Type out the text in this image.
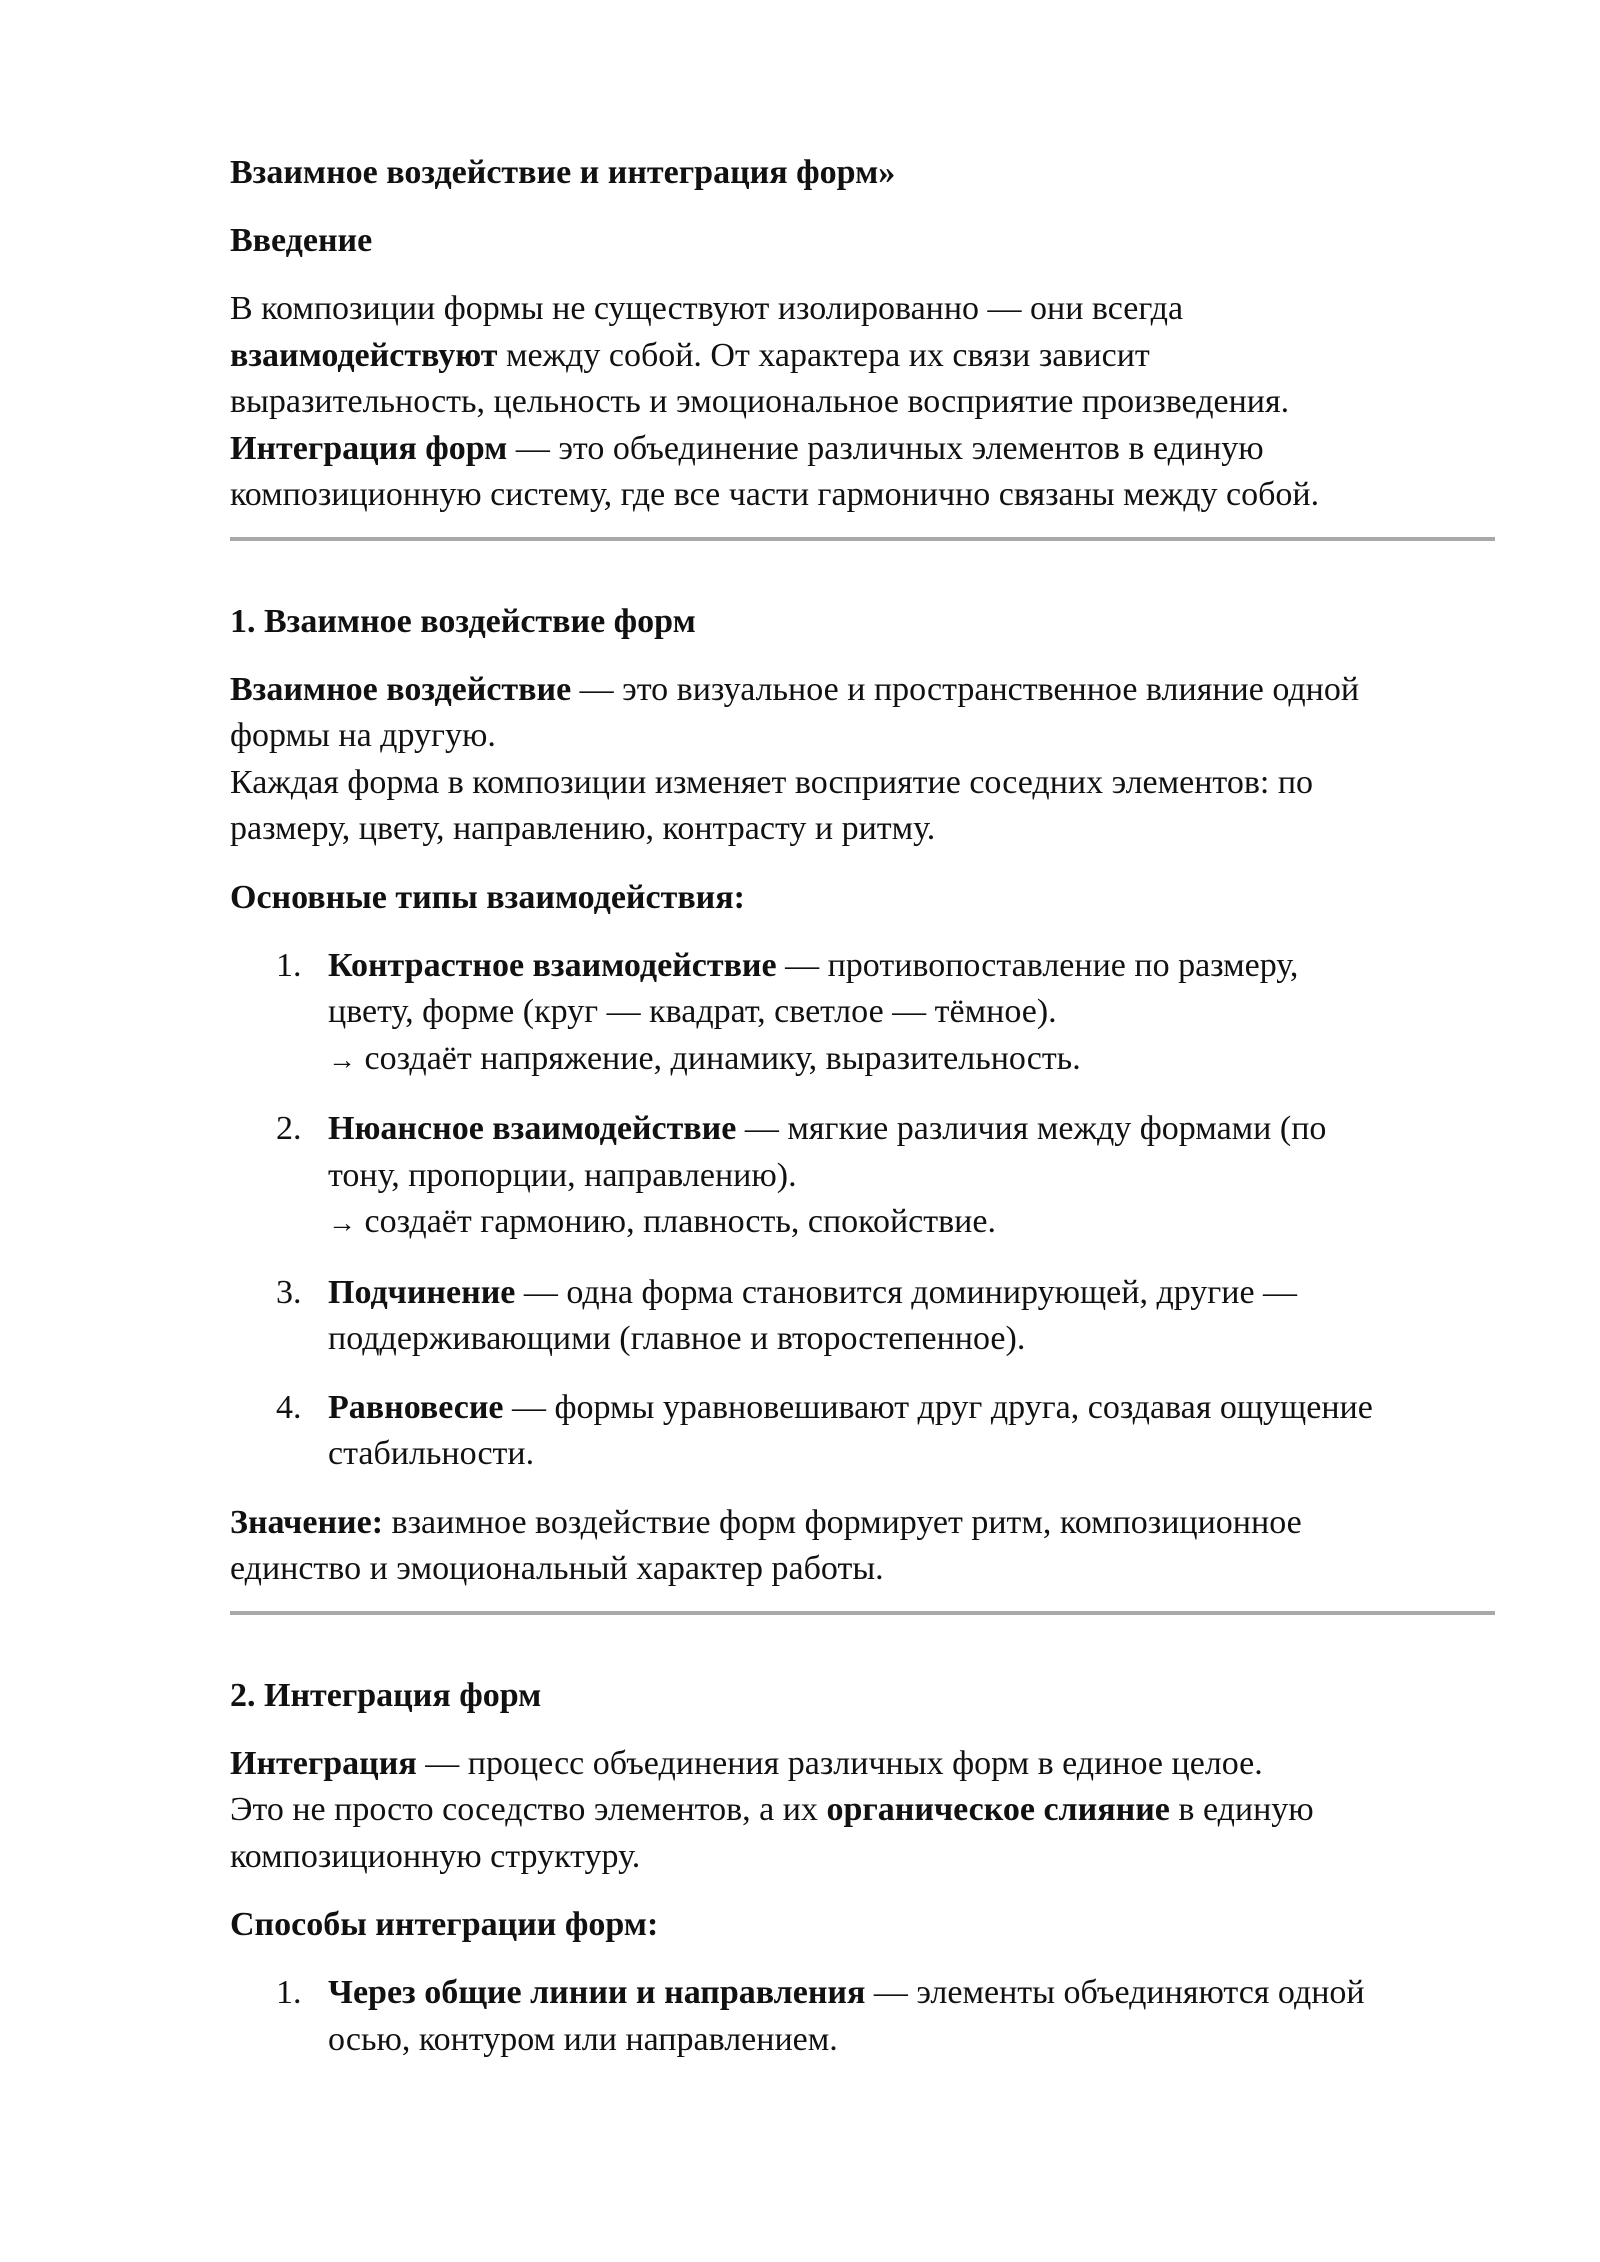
Взаимное воздействие и интеграция форм»
Введение

В композиции формы не существуют изолированно — они всегда
взаимодействуют между собой. От характера их связи зависит
выразительность, цельность и эмоциональное восприятие произведения.
Интеграция форм — это объединение различных элементов в единую
композиционную систему, где все части гармонично связаны между собой.

1. Взаимное воздействие форм

Взаимное воздействие — это визуальное и пространственное влияние одной
формы на другую.
Каждая форма в композиции изменяет восприятие соседних элементов: по
размеру, цвету, направлению, контрасту и ритму.

Основные типы взаимодействия:
1. Контрастное взаимодействие — противопоставление по размеру,
цвету, форме (круг — квадрат, светлое — тёмное).
→ создаёт напряжение, динамику, выразительность.
2. Нюансное взаимодействие — мягкие различия между формами (по
тону, пропорции, направлению).
→ создаёт гармонию, плавность, спокойствие.
3. Подчинение — одна форма становится доминирующей, другие —
поддерживающими (главное и второстепенное).
4. Равновесие — формы уравновешивают друг друга, создавая ощущение
стабильности.

Значение: взаимное воздействие форм формирует ритм, композиционное
единство и эмоциональный характер работы.

2. Интеграция форм

Интеграция — процесс объединения различных форм в единое целое.
Это не просто соседство элементов, а их органическое слияние в единую
композиционную структуру.

Способы интеграции форм:
1. Через общие линии и направления — элементы объединяются одной
осью, контуром или направлением.
